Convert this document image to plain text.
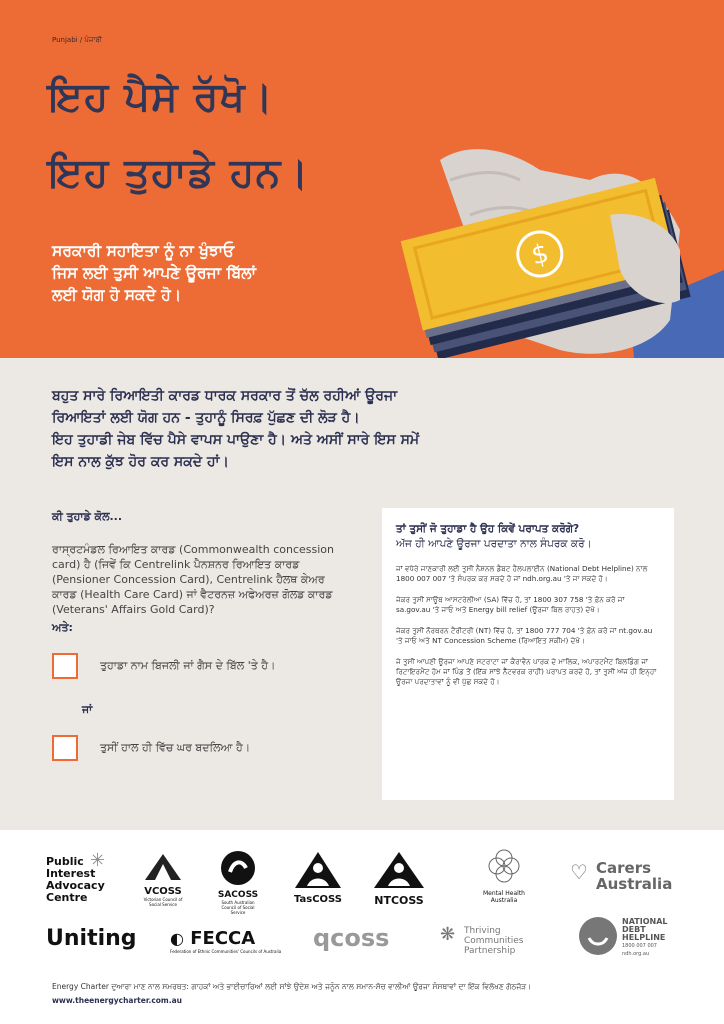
Punjabi / ਪੰਜਾਬੀ
ਇਹ ਪੈਸੇ ਰੱਖੋ।
ਇਹ ਤੁਹਾਡੇ ਹਨ।
ਸਰਕਾਰੀ ਸਹਾਇਤਾ ਨੂੰ ਨਾ ਖੁੰਝਾਓ
ਜਿਸ ਲਈ ਤੁਸੀ ਆਪਣੇ ਊਰਜਾ ਬਿੱਲਾਂ
ਲਈ ਯੋਗ ਹੋ ਸਕਦੇ ਹੋ।
$
ਬਹੁਤ ਸਾਰੇ ਰਿਆਇਤੀ ਕਾਰਡ ਧਾਰਕ ਸਰਕਾਰ ਤੋਂ ਚੱਲ ਰਹੀਆਂ ਊਰਜਾ
ਰਿਆਇਤਾਂ ਲਈ ਯੋਗ ਹਨ - ਤੁਹਾਨੂੰ ਸਿਰਫ਼ ਪੁੱਛਣ ਦੀ ਲੋੜ ਹੈ।
ਇਹ ਤੁਹਾਡੀ ਜੇਬ ਵਿੱਚ ਪੈਸੇ ਵਾਪਸ ਪਾਉਣਾ ਹੈ। ਅਤੇ ਅਸੀਂ ਸਾਰੇ ਇਸ ਸਮੇਂ
ਇਸ ਨਾਲ ਕੁੱਝ ਹੋਰ ਕਰ ਸਕਦੇ ਹਾਂ।
ਕੀ ਤੁਹਾਡੇ ਕੋਲ...
ਰਾਸ੍ਰਟਮੰਡਲ ਰਿਆਇਤ ਕਾਰਡ (Commonwealth concession card) ਹੈ (ਜਿਵੇਂ ਕਿ Centrelink ਪੈਨਸ਼ਨਰ ਰਿਆਇਤ ਕਾਰਡ (Pensioner Concession Card), Centrelink ਹੈਲਥ ਕੇਅਰ ਕਾਰਡ (Health Care Card) ਜਾਂ ਵੈਟਰਨਜ਼ ਅਫੇਅਰਜ਼ ਗੋਲਡ ਕਾਰਡ (Veterans' Affairs Gold Card)?
ਅਤੇ:
ਤੁਹਾਡਾ ਨਾਮ ਬਿਜਲੀ ਜਾਂ ਗੈਸ ਦੇ ਬਿੱਲ 'ਤੇ ਹੈ।
ਜਾਂ
ਤੁਸੀਂ ਹਾਲ ਹੀ ਵਿੱਚ ਘਰ ਬਦਲਿਆ ਹੈ।
ਤਾਂ ਤੁਸੀਂ ਜੋ ਤੁਹਾਡਾ ਹੈ ਉਹ ਕਿਵੇਂ ਪਰਾਪਤ ਕਰੋਗੇ?
ਅੱਜ ਹੀ ਆਪਣੇ ਊਰਜਾ ਪਰਦਾਤਾ ਨਾਲ ਸੰਪਰਕ ਕਰੋ।
ਜਾਂ ਵਧੇਰੇ ਜਾਣਕਾਰੀ ਲਈ ਤੁਸੀਂ ਨੈਸ਼ਨਲ ਡੈਬਟ ਹੈਲਪਲਾਈਨ (National Debt Helpline) ਨਾਲ 1800 007 007 'ਤੇ ਸੰਪਰਕ ਕਰ ਸਕਦੇ ਹੋ ਜਾਂ ndh.org.au 'ਤੇ ਜਾ ਸਕਦੇ ਹੋ।
ਜੇਕਰ ਤੁਸੀਂ ਸਾਊਥ ਆਸਟਰੇਲੀਆ (SA) ਵਿੱਚ ਹੋ, ਤਾਂ 1800 307 758 'ਤੇ ਫ਼ੋਨ ਕਰੋ ਜਾਂ sa.gov.au 'ਤੇ ਜਾਓ ਅਤੇ Energy bill relief (ਊਰਜਾ ਬਿਲ ਰਾਹਤ) ਦੇਖੋ।
ਜੇਕਰ ਤੁਸੀਂ ਨੌਰਥਰਨ ਟੈਰੀਟਰੀ (NT) ਵਿੱਚ ਹੋ, ਤਾਂ 1800 777 704 'ਤੇ ਫ਼ੋਨ ਕਰੋ ਜਾਂ nt.gov.au 'ਤੇ ਜਾਓ ਅਤੇ NT Concession Scheme (ਰਿਆਇਤ ਸਕੀਮ) ਦੇਖੋ।
ਜੇ ਤੁਸੀਂ ਆਪਣੀ ਊਰਜਾ ਆਪਣੇ ਸਟਰਾਟਾ ਜਾਂ ਕੈਰਾਵੈਨ ਪਾਰਕ ਦੇ ਮਾਲਿਕ, ਅਪਾਰਟਮੈਂਟ ਬਿਲਡਿੰਗ ਜਾਂ ਰਿਟਾਇਰਮੈਂਟ ਹੋਮ ਜਾਂ ਪਿੰਡ ਤੋਂ (ਇੱਕ ਸਾਂਝੇ ਨੈੱਟਵਰਕ ਰਾਹੀਂ) ਪਰਾਪਤ ਕਰਦੇ ਹੋ, ਤਾਂ ਤੁਸੀਂ ਅੱਜ ਹੀ ਇਨ੍ਹਾਂ ਊਰਜਾ ਪਰਦਾਤਾਵਾਂ ਨੂੰ ਵੀ ਪੁੱਛ ਸਕਦੇ ਹੋ।
Public
Interest
Advocacy
Centre
✳
VCOSS
Victorian Council of Social Service
SACOSS
South Australian Council of Social Service
TasCOSS	NTCOSS
Mental Health Australia
♡ Carers
Australia
Uniting ◐ FECCA
Federation of Ethnic Communities' Councils of Australia qcoss	❋ Thriving
Communities
Partnership
NATIONAL
DEBT
HELPLINE
1800 007 007
ndh.org.au
Energy Charter ਦੁਆਰਾ ਮਾਣ ਨਾਲ ਸਮਰਥਤ: ਗਾਹਕਾਂ ਅਤੇ ਭਾਈਚਾਰਿਆਂ ਲਈ ਸਾਂਝੇ ਉਦੇਸ਼ ਅਤੇ ਜਨੂੰਨ ਨਾਲ ਸਮਾਨ-ਸੋਚ ਵਾਲੀਆਂ ਊਰਜਾ ਸੰਸਥਾਵਾਂ ਦਾ ਇੱਕ ਵਿਲੱਖਣ ਗੱਠਜੋੜ।
www.theenergycharter.com.au
